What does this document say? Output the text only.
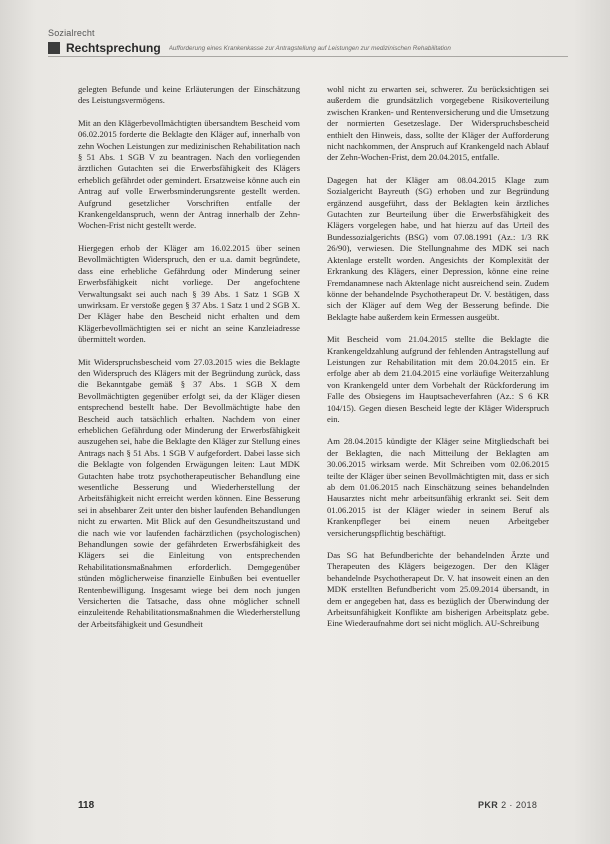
Sozialrecht
Rechtsprechung Aufforderung eines Krankenkasse zur Antragstellung auf Leistungen zur medizinischen Rehabilitation

gelegten Befunde und keine Erläuterungen der Einschätzung des Leistungsvermögens.

Mit an den Klägerbevollmächtigten übersandtem Bescheid vom 06.02.2015 forderte die Beklagte den Kläger auf, innerhalb von zehn Wochen Leistungen zur medizinischen Rehabilitation nach § 51 Abs. 1 SGB V zu beantragen. Nach den vorliegenden ärztlichen Gutachten sei die Erwerbsfähigkeit des Klägers erheblich gefährdet oder gemindert. Ersatzweise könne auch ein Antrag auf volle Erwerbsminderungsrente gestellt werden. Aufgrund gesetzlicher Vorschriften entfalle der Krankengeldanspruch, wenn der Antrag innerhalb der Zehn-Wochen-Frist nicht gestellt werde.

Hiergegen erhob der Kläger am 16.02.2015 über seinen Bevollmächtigten Widerspruch, den er u.a. damit begründete, dass eine erhebliche Gefährdung oder Minderung seiner Erwerbsfähigkeit nicht vorliege. Der angefochtene Verwaltungsakt sei auch nach § 39 Abs. 1 Satz 1 SGB X unwirksam. Er verstoße gegen § 37 Abs. 1 Satz 1 und 2 SGB X. Der Kläger habe den Bescheid nicht erhalten und dem Klägerbevollmächtigten sei er nicht an seine Kanzleiadresse übermittelt worden.

Mit Widerspruchsbescheid vom 27.03.2015 wies die Beklagte den Widerspruch des Klägers mit der Begründung zurück, dass die Bekanntgabe gemäß § 37 Abs. 1 SGB X dem Bevollmächtigten gegenüber erfolgt sei, da der Kläger diesen entsprechend bestellt habe. Der Bevollmächtigte habe den Bescheid auch tatsächlich erhalten. Nachdem von einer erheblichen Gefährdung oder Minderung der Erwerbsfähigkeit auszugehen sei, habe die Beklagte den Kläger zur Stellung eines Antrags nach § 51 Abs. 1 SGB V aufgefordert. Dabei lasse sich die Beklagte von folgenden Erwägungen leiten: Laut MDK Gutachten habe trotz psychotherapeutischer Behandlung eine wesentliche Besserung und Wiederherstellung der Arbeitsfähigkeit nicht erreicht werden können. Eine Besserung sei in absehbarer Zeit unter den bisher laufenden Behandlungen nicht zu erwarten. Mit Blick auf den Gesundheitszustand und die nach wie vor laufenden fachärztlichen (psychologischen) Behandlungen sowie der gefährdeten Erwerbsfähigkeit des Klägers sei die Einleitung von entsprechenden Rehabilitationsmaßnahmen erforderlich. Demgegenüber stünden möglicherweise finanzielle Einbußen bei eventueller Rentenbewilligung. Insgesamt wiege bei dem noch jungen Versicherten die Tatsache, dass ohne möglicher schnell einzuleitende Rehabilitationsmaßnahmen die Wiederherstellung der Arbeitsfähigkeit und Gesundheit

wohl nicht zu erwarten sei, schwerer. Zu berücksichtigen sei außerdem die grundsätzlich vorgegebene Risikoverteilung zwischen Kranken- und Rentenversicherung und die Umsetzung der normierten Gesetzeslage. Der Widerspruchsbescheid enthielt den Hinweis, dass, sollte der Kläger der Aufforderung nicht nachkommen, der Anspruch auf Krankengeld nach Ablauf der Zehn-Wochen-Frist, dem 20.04.2015, entfalle.

Dagegen hat der Kläger am 08.04.2015 Klage zum Sozialgericht Bayreuth (SG) erhoben und zur Begründung ergänzend ausgeführt, dass der Beklagten kein ärztliches Gutachten zur Beurteilung über die Erwerbsfähigkeit des Klägers vorgelegen habe, und hat hierzu auf das Urteil des Bundessozialgerichts (BSG) vom 07.08.1991 (Az.: 1/3 RK 26/90), verwiesen. Die Stellungnahme des MDK sei nach Aktenlage erstellt worden. Angesichts der Komplexität der Erkrankung des Klägers, einer Depression, könne eine reine Fremdanamnese nach Aktenlage nicht ausreichend sein. Zudem könne der behandelnde Psychotherapeut Dr. V. bestätigen, dass sich der Kläger auf dem Weg der Besserung befinde. Die Beklagte habe außerdem kein Ermessen ausgeübt.

Mit Bescheid vom 21.04.2015 stellte die Beklagte die Krankengeldzahlung aufgrund der fehlenden Antragstellung auf Leistungen zur Rehabilitation mit dem 20.04.2015 ein. Er erfolge aber ab dem 21.04.2015 eine vorläufige Weiterzahlung von Krankengeld unter dem Vorbehalt der Rückforderung im Falle des Obsiegens im Hauptsacheverfahren (Az.: S 6 KR 104/15). Gegen diesen Bescheid legte der Kläger Widerspruch ein.

Am 28.04.2015 kündigte der Kläger seine Mitgliedschaft bei der Beklagten, die nach Mitteilung der Beklagten am 30.06.2015 wirksam werde. Mit Schreiben vom 02.06.2015 teilte der Kläger über seinen Bevollmächtigten mit, dass er sich ab dem 01.06.2015 nach Einschätzung seines behandelnden Hausarztes nicht mehr arbeitsunfähig erkrankt sei. Seit dem 01.06.2015 ist der Kläger wieder in seinem Beruf als Krankenpfleger bei einem neuen Arbeitgeber versicherungspflichtig beschäftigt.

Das SG hat Befundberichte der behandelnden Ärzte und Therapeuten des Klägers beigezogen. Der den Kläger behandelnde Psychotherapeut Dr. V. hat insoweit einen an den MDK erstellten Befundbericht vom 25.09.2014 übersandt, in dem er angegeben hat, dass es bezüglich der Überwindung der Arbeitsunfähigkeit Konflikte am bisherigen Arbeitsplatz gebe. Eine Wiederaufnahme dort sei nicht möglich. AU-Schreibung

118	PKR 2 · 2018
